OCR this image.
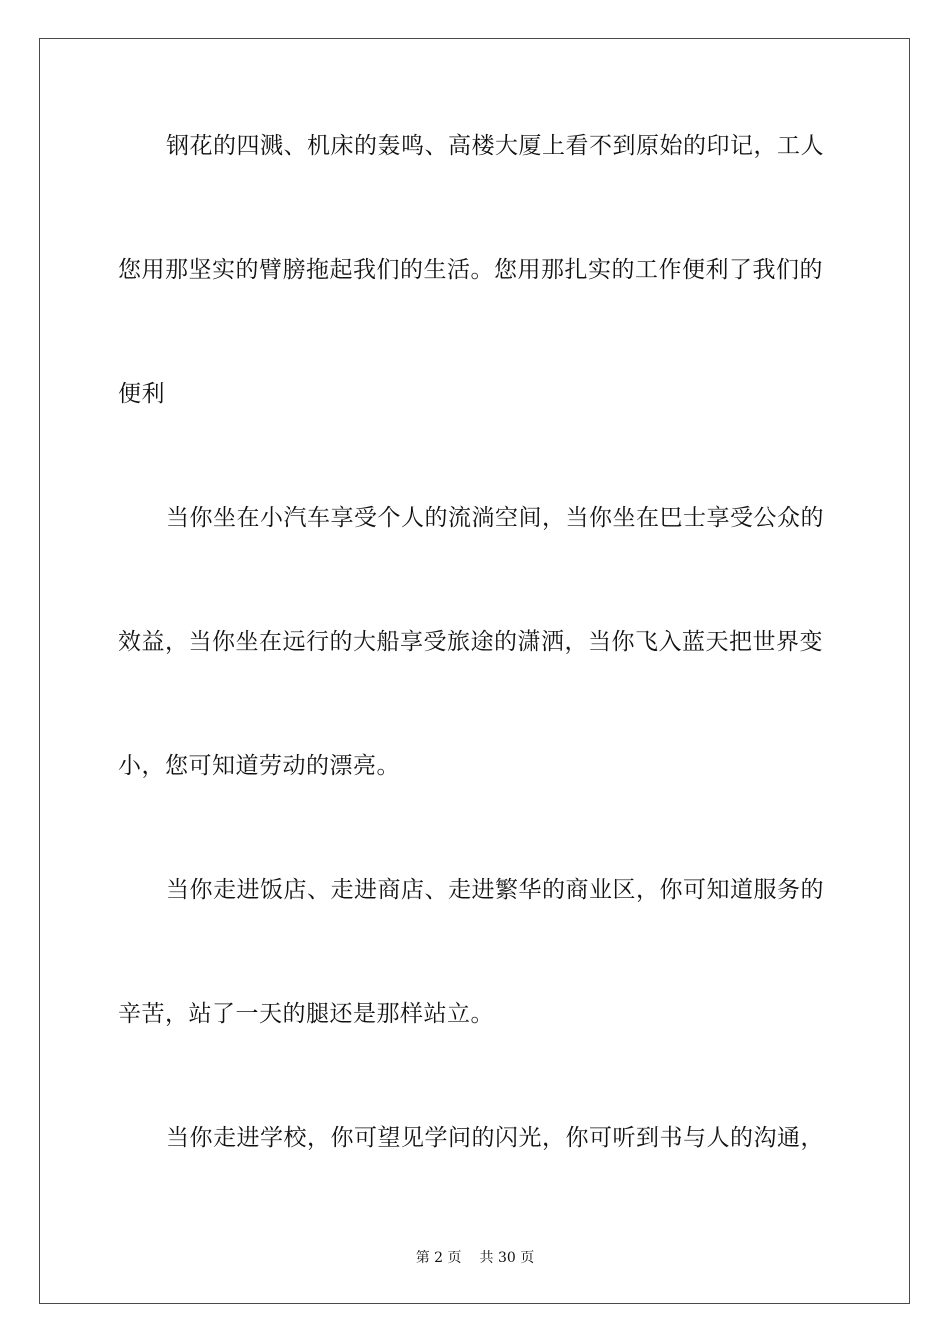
钢花的四溅、机床的轰鸣、高楼大厦上看不到原始的印记，工人
您用那坚实的臂膀拖起我们的生活。您用那扎实的工作便利了我们的
便利
当你坐在小汽车享受个人的流淌空间，当你坐在巴士享受公众的
效益，当你坐在远行的大船享受旅途的潇洒，当你飞入蓝天把世界变
小，您可知道劳动的漂亮。
当你走进饭店、走进商店、走进繁华的商业区，你可知道服务的
辛苦，站了一天的腿还是那样站立。
当你走进学校，你可望见学问的闪光，你可听到书与人的沟通，
第 2 页 共 30 页
